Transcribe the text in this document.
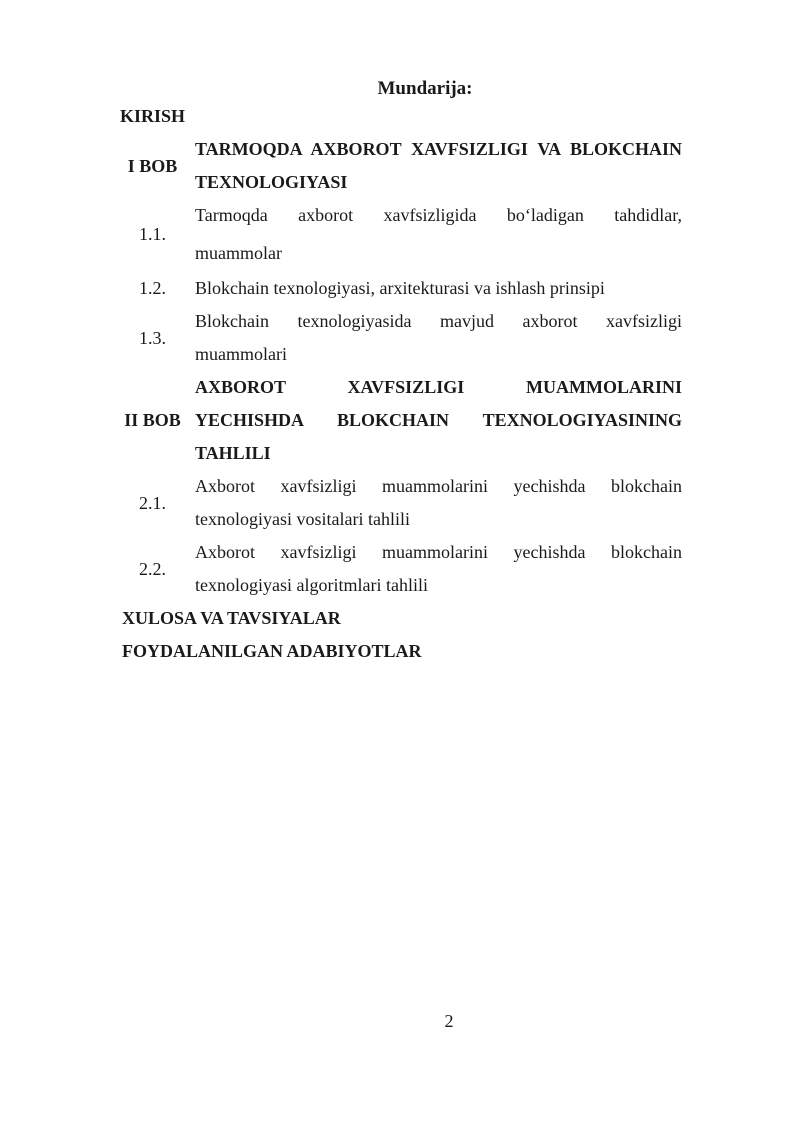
Mundarija:
KIRISH
I BOB
TARMOQDA AXBOROT XAVFSIZLIGI VA BLOKCHAIN
TEXNOLOGIYASI
1.1.
Tarmoqda axborot xavfsizligida bo‘ladigan tahdidlar,
muammolar
1.2.	Blokchain texnologiyasi, arxitekturasi va ishlash prinsipi
1.3.
Blokchain texnologiyasida mavjud axborot xavfsizligi
muammolari
II BOB
AXBOROT XAVFSIZLIGI MUAMMOLARINI
YECHISHDA BLOKCHAIN TEXNOLOGIYASINING
TAHLILI
2.1.
Axborot xavfsizligi muammolarini yechishda blokchain
texnologiyasi vositalari tahlili
2.2.
Axborot xavfsizligi muammolarini yechishda blokchain
texnologiyasi algoritmlari tahlili
XULOSA VA TAVSIYALAR
FOYDALANILGAN ADABIYOTLAR
2
